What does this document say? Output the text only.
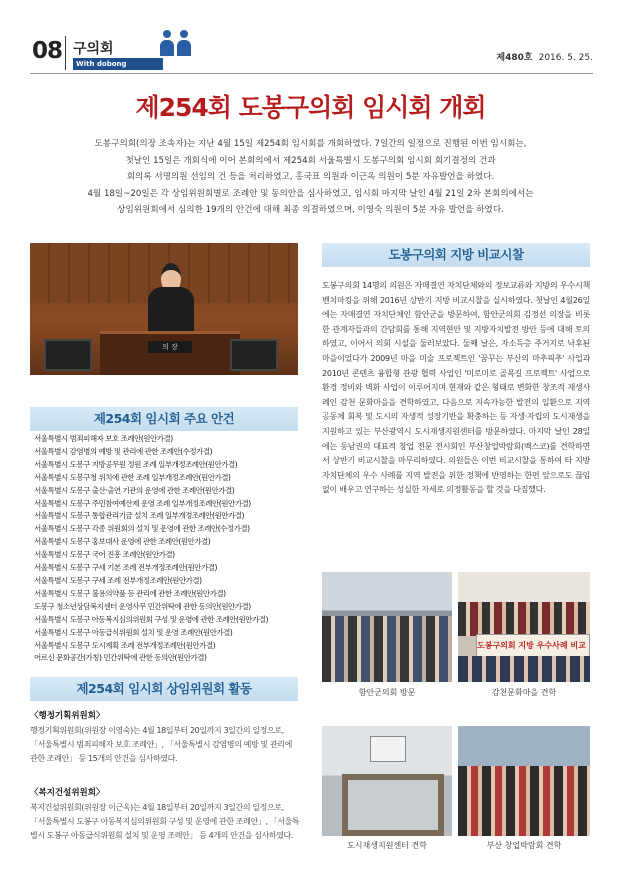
08 구의회
With dobong
제480호 2016. 5. 25.
제254회 도봉구의회 임시회 개회
도봉구의회(의장 조속자)는 지난 4월 15일 제254회 임시회를 개회하였다. 7일간의 일정으로 진행된 이번 임시회는,
첫날인 15일은 개회식에 이어 본회의에서 제254회 서울특별시 도봉구의회 임시회 회기결정의 건과
회의록 서명의원 선임의 건 등을 처리하였고, 홍국표 의원과 이근옥 의원이 5분 자유발언을 하였다.
4월 18일~20일은 각 상임위원회별로 조례안 및 동의안을 심사하였고, 임시회 마지막 날인 4월 21일 2차 본회의에서는
상임위원회에서 심의한 19개의 안건에 대해 최종 의결하였으며, 이영숙 의원이 5분 자유 발언을 하였다.
의 장
제254회 임시회 주요 안건
서울특별시 범죄피해자 보호 조례안(원안가결)
서울특별시 감염병의 예방 및 관리에 관한 조례안(수정가결)
서울특별시 도봉구 지방공무원 정원 조례 일부개정조례안(원안가결)
서울특별시 도봉구청 위치에 관한 조례 일부개정조례안(원안가결)
서울특별시 도봉구 출산·출연 기관의 운영에 관한 조례안(원안가결)
서울특별시 도봉구 주민참여예산제 운영 조례 일부개정조례안(원안가결)
서울특별시 도봉구 통합관리기금 설치 조례 일부개정조례안(원안가결)
서울특별시 도봉구 각종 위원회의 설치 및 운영에 관한 조례안(수정가결)
서울특별시 도봉구 홍보대사 운영에 관한 조례안(원안가결)
서울특별시 도봉구 국어 진흥 조례안(원안가결)
서울특별시 도봉구 구세 기본 조례 전부개정조례안(원안가결)
서울특별시 도봉구 구세 조례 전부개정조례안(원안가결)
서울특별시 도봉구 불용의약품 등 관리에 관한 조례안(원안가결)
도봉구 청소년상담복지센터 운영사무 민간위탁에 관한 동의안(원안가결)
서울특별시 도봉구 아동복지심의위원회 구성 및 운영에 관한 조례안(원안가결)
서울특별시 도봉구 아동급식위원회 설치 및 운영 조례안(원안가결)
서울특별시 도봉구 도시계획 조례 전부개정조례안(원안가결)
어르신 문화공간(가칭) 민간위탁에 관한 동의안(원안가결)
제254회 임시회 상임위원회 활동
〈행정기획위원회〉
행정기획위원회(위원장 이영숙)는 4월 18일부터 20일까지 3일간의 일정으로, 「서울특별시 범죄피해자 보호 조례안」, 「서울특별시 감염병의 예방 및 관리에 관한 조례안」 등 15개의 안건을 심사하였다.
〈복지건설위원회〉
복지건설위원회(위원장 이근옥)는 4월 18일부터 20일까지 3일간의 일정으로, 「서울특별시 도봉구 아동복지심의위원회 구성 및 운영에 관한 조례안」, 「서울특별시 도봉구 아동급식위원회 설치 및 운영 조례안」 등 4개의 안건을 심사하였다.
도봉구의회 지방 비교시찰
도봉구의회 14명의 의원은 자매결연 자치단체와의 정보교류와 지방의 우수시책 벤치마킹을 위해 2016년 상반기 지방 비교시찰을 실시하였다. 첫날인 4월26일에는 자매결연 자치단체인 함안군을 방문하여, 함안군의회 김정선 의장을 비롯한 관계자들과의 간담회를 통해 지역현안 및 지방자치발전 방안 등에 대해 토의하였고, 이어서 의회 시설을 둘러보았다. 둘째 날은, 자소득층 주거지로 낙후된 마을이었다가 2009년 마을 미술 프로젝트인 '꿈꾸는 부산의 마추픽추' 사업과 2010년 콘텐츠 융합형 관광 협력 사업인 '미로미로 골목길 프로젝트' 사업으로 환경 정비와 벽화 사업이 이루어지며 현재와 같은 형태로 변화한 창조적 재생사례인 감천 문화마을을 견학하였고, 다음으로 지속가능한 발전의 일환으로 지역 공동체 회복 및 도시의 자생적 성장기반을 확충하는 등 자생·자립의 도시재생을 지원하고 있는 부산광역시 도시재생지원센터를 방문하였다. 마지막 날인 28일에는 동남권의 대표적 창업 전문 전시회인 부산창업박람회(벡스코)를 견학하면서 상반기 비교시찰을 마무리하였다. 의원들은 이번 비교시찰을 통하여 타 지방자치단체의 우수 사례를 지역 발전을 위한 정책에 반영하는 한편 앞으로도 끊임없이 배우고 연구하는 성실한 자세로 의정활동을 할 것을 다짐했다.
도봉구의회 지방 우수사례 비교
함안군의회 방문	감천문화마을 견학
도시재생지원센터 견학	부산 창업박람회 견학
